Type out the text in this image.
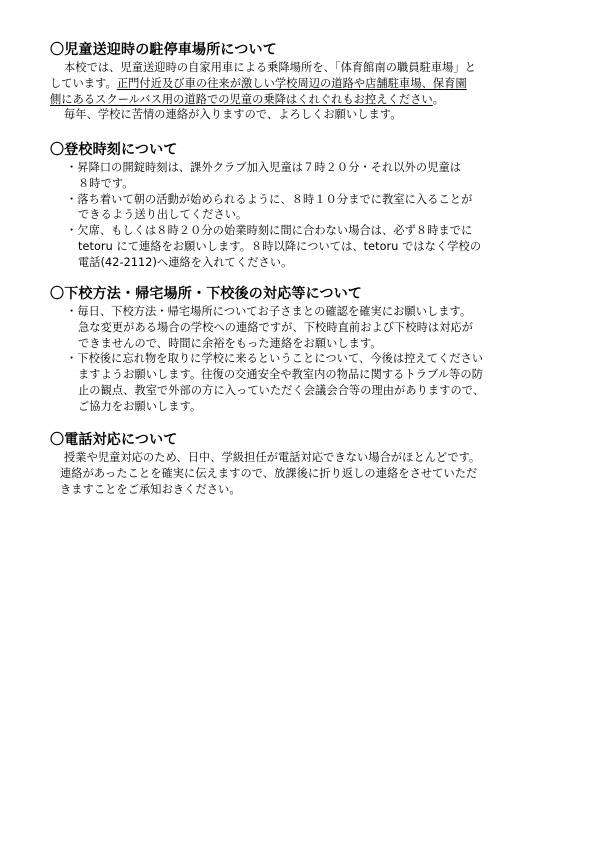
〇児童送迎時の駐停車場所について
本校では、児童送迎時の自家用車による乗降場所を、「体育館南の職員駐車場」と
しています。正門付近及び車の往来が激しい学校周辺の道路や店舗駐車場、保育園
側にあるスクールバス用の道路での児童の乗降はくれぐれもお控えください。
毎年、学校に苦情の連絡が入りますので、よろしくお願いします。
〇登校時刻について
・昇降口の開錠時刻は、課外クラブ加入児童は７時２０分・それ以外の児童は
８時です。
・落ち着いて朝の活動が始められるように、８時１０分までに教室に入ることが
できるよう送り出してください。
・欠席、もしくは８時２０分の始業時刻に間に合わない場合は、必ず８時までに
tetoru にて連絡をお願いします。８時以降については、tetoru ではなく学校の
電話(42-2112)へ連絡を入れてください。
〇下校方法・帰宅場所・下校後の対応等について
・毎日、下校方法・帰宅場所についてお子さまとの確認を確実にお願いします。
急な変更がある場合の学校への連絡ですが、下校時直前および下校時は対応が
できませんので、時間に余裕をもった連絡をお願いします。
・下校後に忘れ物を取りに学校に来るということについて、今後は控えてください
ますようお願いします。往復の交通安全や教室内の物品に関するトラブル等の防
止の観点、教室で外部の方に入っていただく会議会合等の理由がありますので、
ご協力をお願いします。
〇電話対応について
授業や児童対応のため、日中、学級担任が電話対応できない場合がほとんどです。
連絡があったことを確実に伝えますので、放課後に折り返しの連絡をさせていただ
きますことをご承知おきください。
